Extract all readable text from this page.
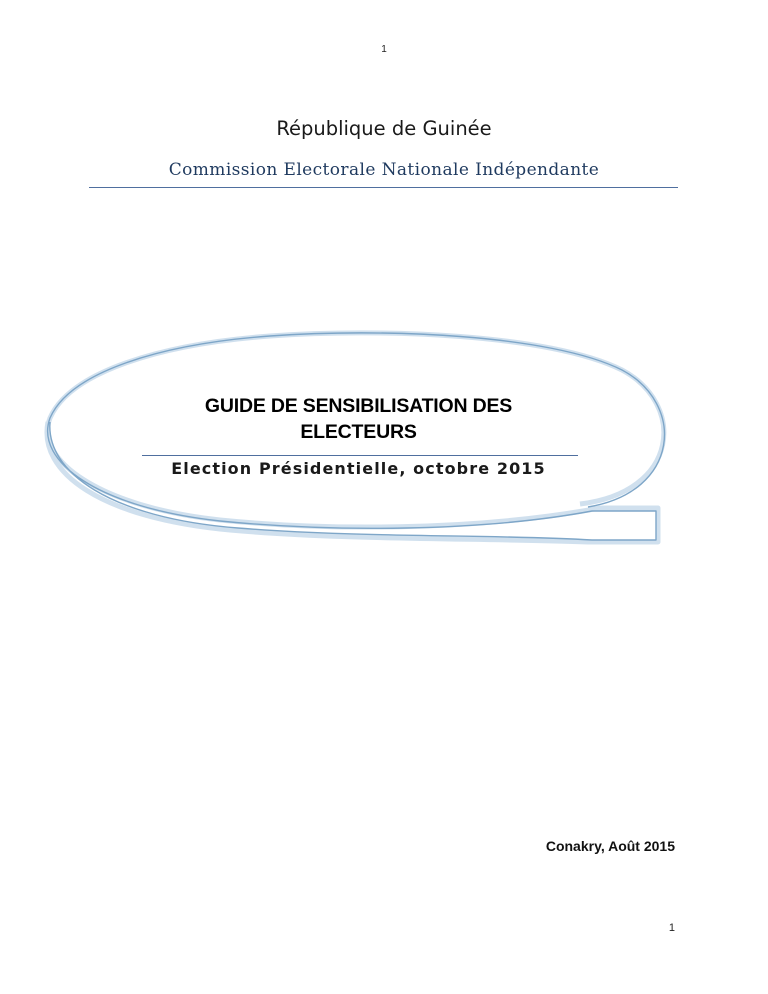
1
République de Guinée
Commission Electorale Nationale Indépendante
GUIDE DE SENSIBILISATION DES
ELECTEURS
Election Présidentielle, octobre 2015
Conakry, Août 2015
1
